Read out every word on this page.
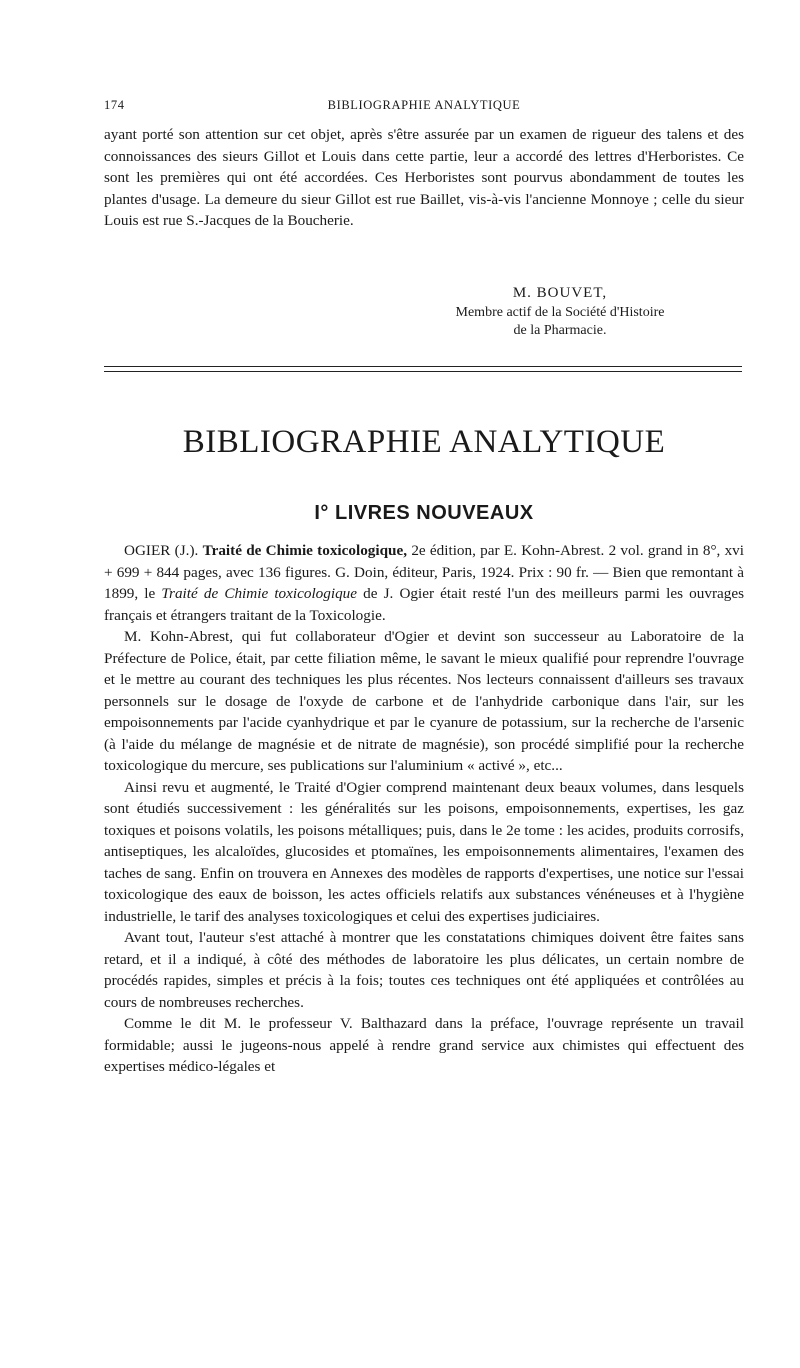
174	BIBLIOGRAPHIE ANALYTIQUE

ayant porté son attention sur cet objet, après s'être assurée par un examen de rigueur des talens et des connoissances des sieurs Gillot et Louis dans cette partie, leur a accordé des lettres d'Herboristes. Ce sont les premières qui ont été accordées. Ces Herboristes sont pourvus abondamment de toutes les plantes d'usage. La demeure du sieur Gillot est rue Baillet, vis-à-vis l'ancienne Monnoye ; celle du sieur Louis est rue S.-Jacques de la Boucherie.

M. BOUVET,
Membre actif de la Société d'Histoire
de la Pharmacie.
BIBLIOGRAPHIE ANALYTIQUE
I° LIVRES NOUVEAUX

OGIER (J.). Traité de Chimie toxicologique, 2e édition, par E. Kohn-Abrest. 2 vol. grand in 8°, xvi + 699 + 844 pages, avec 136 figures. G. Doin, éditeur, Paris, 1924. Prix : 90 fr. — Bien que remontant à 1899, le Traité de Chimie toxicologique de J. Ogier était resté l'un des meilleurs parmi les ouvrages français et étrangers traitant de la Toxicologie.

M. Kohn-Abrest, qui fut collaborateur d'Ogier et devint son successeur au Laboratoire de la Préfecture de Police, était, par cette filiation même, le savant le mieux qualifié pour reprendre l'ouvrage et le mettre au courant des techniques les plus récentes. Nos lecteurs connaissent d'ailleurs ses travaux personnels sur le dosage de l'oxyde de carbone et de l'anhydride carbonique dans l'air, sur les empoisonnements par l'acide cyanhydrique et par le cyanure de potassium, sur la recherche de l'arsenic (à l'aide du mélange de magnésie et de nitrate de magnésie), son procédé simplifié pour la recherche toxicologique du mercure, ses publications sur l'aluminium « activé », etc...

Ainsi revu et augmenté, le Traité d'Ogier comprend maintenant deux beaux volumes, dans lesquels sont étudiés successivement : les généralités sur les poisons, empoisonnements, expertises, les gaz toxiques et poisons volatils, les poisons métalliques; puis, dans le 2e tome : les acides, produits corrosifs, antiseptiques, les alcaloïdes, glucosides et ptomaïnes, les empoisonnements alimentaires, l'examen des taches de sang. Enfin on trouvera en Annexes des modèles de rapports d'expertises, une notice sur l'essai toxicologique des eaux de boisson, les actes officiels relatifs aux substances vénéneuses et à l'hygiène industrielle, le tarif des analyses toxicologiques et celui des expertises judiciaires.

Avant tout, l'auteur s'est attaché à montrer que les constatations chimiques doivent être faites sans retard, et il a indiqué, à côté des méthodes de laboratoire les plus délicates, un certain nombre de procédés rapides, simples et précis à la fois; toutes ces techniques ont été appliquées et contrôlées au cours de nombreuses recherches.

Comme le dit M. le professeur V. Balthazard dans la préface, l'ouvrage représente un travail formidable; aussi le jugeons-nous appelé à rendre grand service aux chimistes qui effectuent des expertises médico-légales et
